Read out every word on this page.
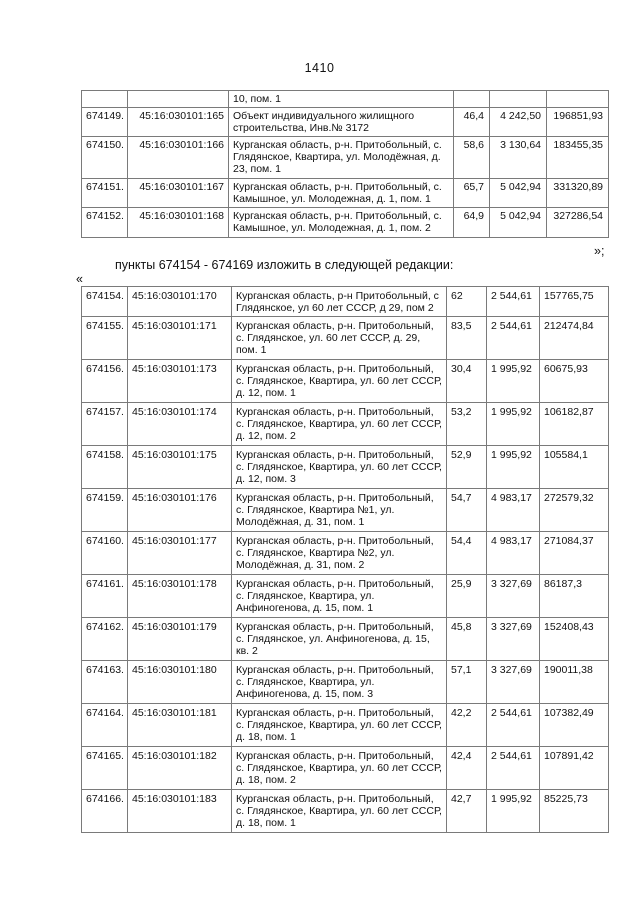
1410
		10, пом. 1			
674149.	45:16:030101:165	Объект индивидуального жилищного строительства, Инв.№ 3172	46,4	4 242,50	196851,93
674150.	45:16:030101:166	Курганская область, р-н. Притобольный, с. Глядянское, Квартира, ул. Молодёжная, д. 23, пом. 1	58,6	3 130,64	183455,35
674151.	45:16:030101:167	Курганская область, р-н. Притобольный, с. Камышное, ул. Молодежная, д. 1, пом. 1	65,7	5 042,94	331320,89
674152.	45:16:030101:168	Курганская область, р-н. Притобольный, с. Камышное, ул. Молодежная, д. 1, пом. 2	64,9	5 042,94	327286,54
»;
пункты 674154 - 674169 изложить в следующей редакции:
«
674154.	45:16:030101:170	Курганская область, р-н Притобольный, с Глядянское, ул 60 лет СССР, д 29, пом 2	62	2 544,61	157765,75
674155.	45:16:030101:171	Курганская область, р-н. Притобольный, с. Глядянское, ул. 60 лет СССР, д. 29, пом. 1	83,5	2 544,61	212474,84
674156.	45:16:030101:173	Курганская область, р-н. Притобольный, с. Глядянское, Квартира, ул. 60 лет СССР, д. 12, пом. 1	30,4	1 995,92	60675,93
674157.	45:16:030101:174	Курганская область, р-н. Притобольный, с. Глядянское, Квартира, ул. 60 лет СССР, д. 12, пом. 2	53,2	1 995,92	106182,87
674158.	45:16:030101:175	Курганская область, р-н. Притобольный, с. Глядянское, Квартира, ул. 60 лет СССР, д. 12, пом. 3	52,9	1 995,92	105584,1
674159.	45:16:030101:176	Курганская область, р-н. Притобольный, с. Глядянское, Квартира №1, ул. Молодёжная, д. 31, пом. 1	54,7	4 983,17	272579,32
674160.	45:16:030101:177	Курганская область, р-н. Притобольный, с. Глядянское, Квартира №2, ул. Молодёжная, д. 31, пом. 2	54,4	4 983,17	271084,37
674161.	45:16:030101:178	Курганская область, р-н. Притобольный, с. Глядянское, Квартира, ул. Анфиногенова, д. 15, пом. 1	25,9	3 327,69	86187,3
674162.	45:16:030101:179	Курганская область, р-н. Притобольный, с. Глядянское, ул. Анфиногенова, д. 15, кв. 2	45,8	3 327,69	152408,43
674163.	45:16:030101:180	Курганская область, р-н. Притобольный, с. Глядянское, Квартира, ул. Анфиногенова, д. 15, пом. 3	57,1	3 327,69	190011,38
674164.	45:16:030101:181	Курганская область, р-н. Притобольный, с. Глядянское, Квартира, ул. 60 лет СССР, д. 18, пом. 1	42,2	2 544,61	107382,49
674165.	45:16:030101:182	Курганская область, р-н. Притобольный, с. Глядянское, Квартира, ул. 60 лет СССР, д. 18, пом. 2	42,4	2 544,61	107891,42
674166.	45:16:030101:183	Курганская область, р-н. Притобольный, с. Глядянское, Квартира, ул. 60 лет СССР, д. 18, пом. 1	42,7	1 995,92	85225,73
